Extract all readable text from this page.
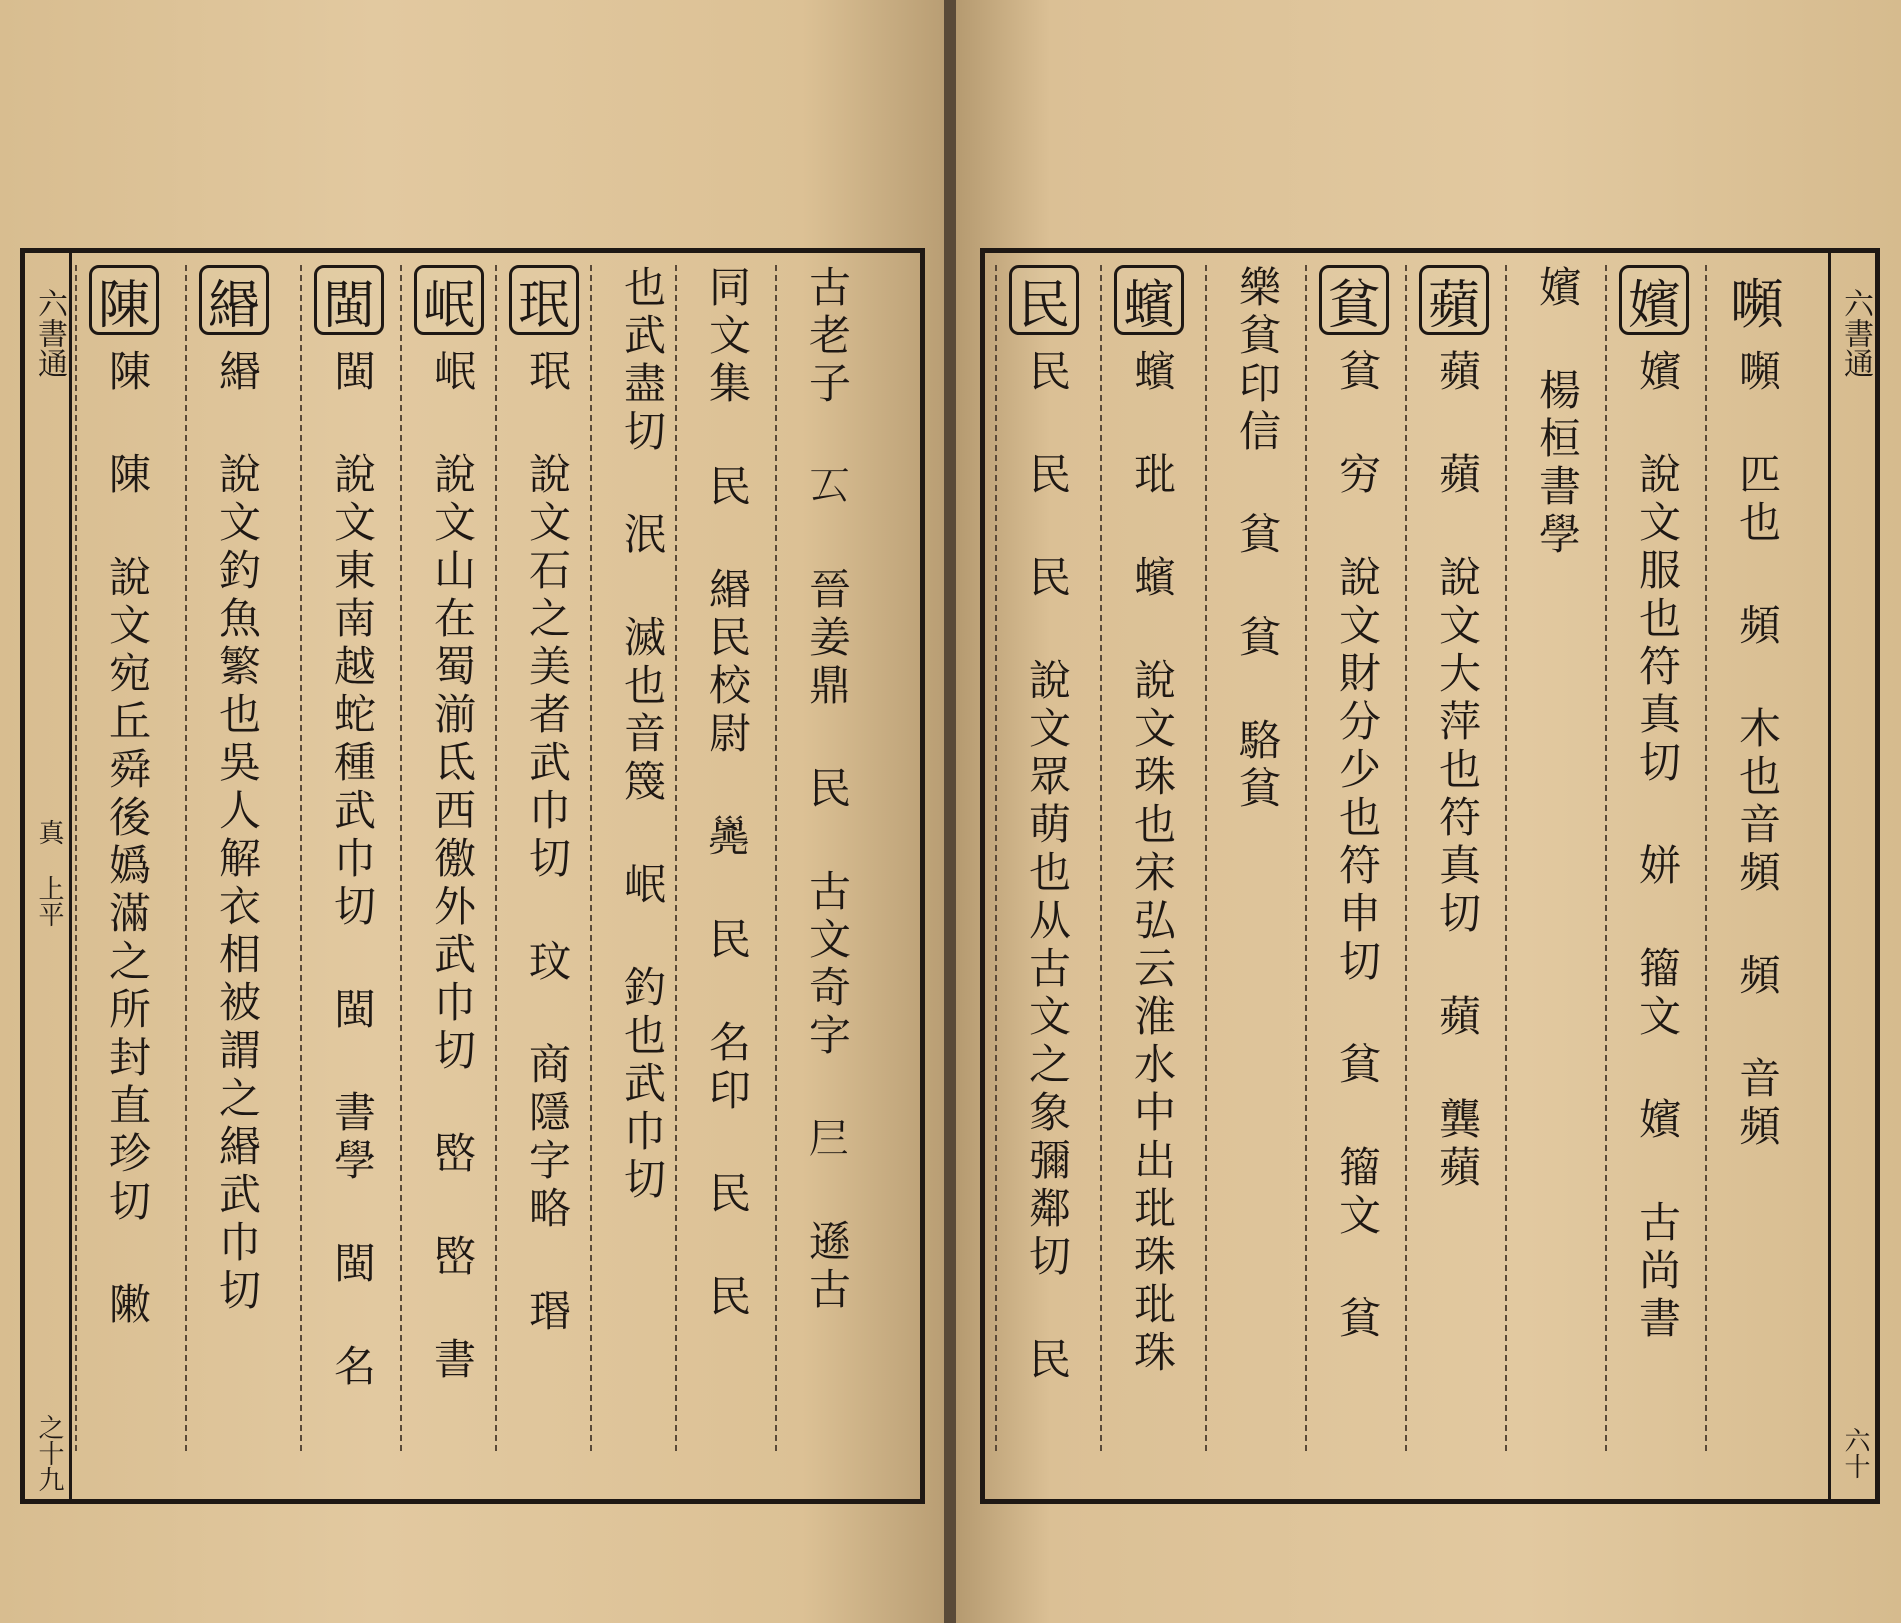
六書通
真 上平
之十九
古老子 𠫔 晉姜鼎 民 古文奇字 𡰥 遜古
同文集 民 緡民校尉 𢀈 民 名印 民 民
也武盡切 泯 滅也音篾 岷 釣也武巾切
珉
珉 說文石之美者武巾切 玟 商隱字略 瑉
岷
岷 說文山在蜀湔氐西徼外武巾切 㟩 㟩 書
閩
閩 說文東南越蛇種武巾切 閩 書學 閩 名
緡
緡 說文釣魚繁也吳人解衣相被謂之緡武巾切
陳
陳 陳 說文宛丘舜後嬀滿之所封直珍切 敶
六書通
六十
嬪
嬪 說文服也符真切 姘 籀文 嬪 古尚書
嚬
嚬 匹也 頻 木也音頻 頻 音頻
嬪 楊桓書學
蘋
蘋 蘋 說文大萍也符真切 蘋 龔蘋
貧
貧 穷 說文財分少也符申切 貧 籀文 貧
樂貧印信 貧 貧 駱貧
蠙
蠙 玭 蠙 說文珠也宋弘云淮水中出玭珠玭珠
民
民 民 民 說文眾萌也从古文之象彌鄰切 民
